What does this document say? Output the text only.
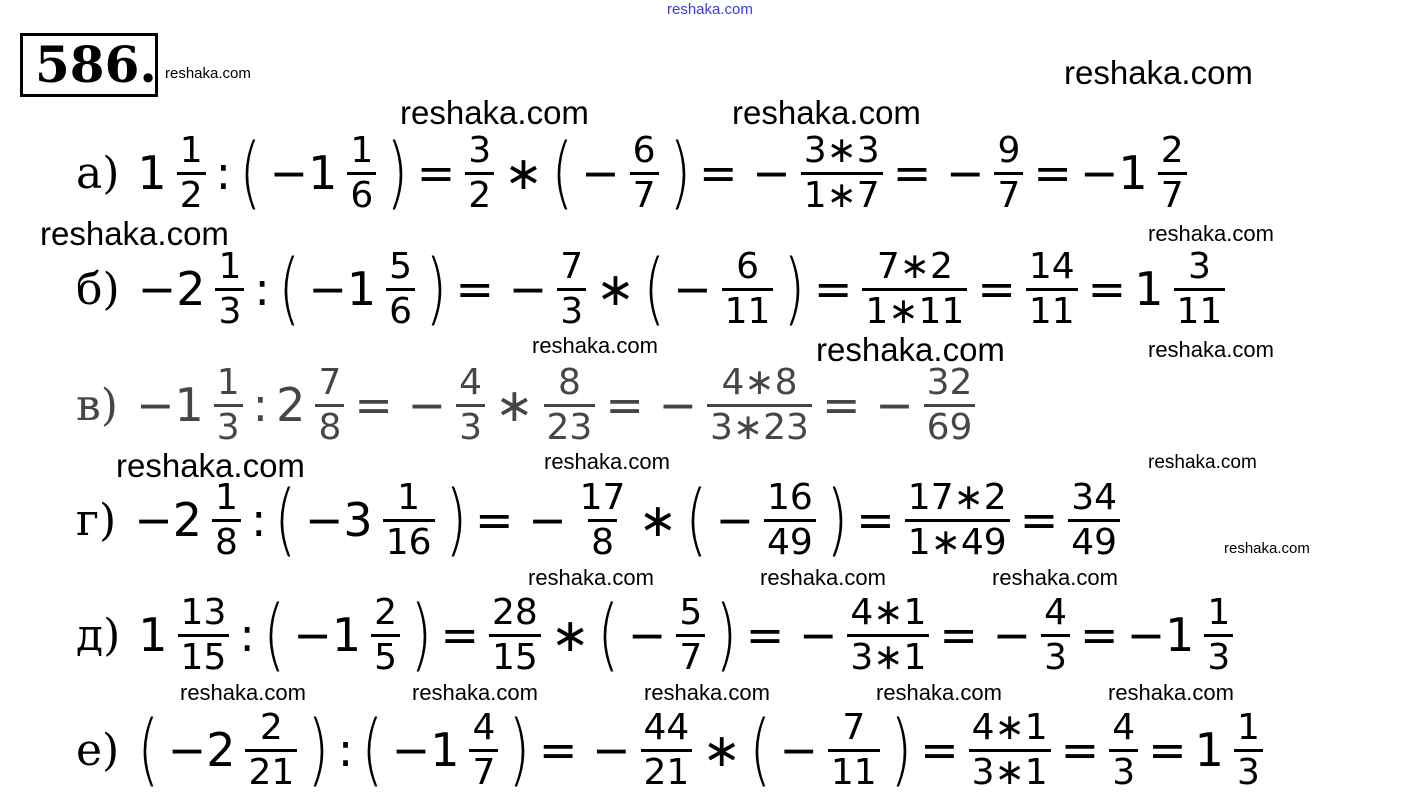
reshaka.com
586. reshaka.com	reshaka.com
reshaka.com	reshaka.com
reshaka.com	reshaka.com
reshaka.com	reshaka.com	reshaka.com
reshaka.com	reshaka.com	reshaka.com
reshaka.com
reshaka.com	reshaka.com	reshaka.com
reshaka.com	reshaka.com	reshaka.com	reshaka.com	reshaka.com
а) $1 \frac{1}{2}$ : ( $-1 \frac{1}{6}$ ) = $\frac{3}{2}$ ∗ ( − $\frac{6}{7}$ ) = − $\frac{3∗3}{1∗7}$ = − $\frac{9}{7} = -1 \frac{2}{7}$
$б) -2 \frac{1}{3}$ : ( $-1 \frac{5}{6}$ ) = − $\frac{7}{3}$ ∗ ( − $\frac{6}{11}$ ) = $\frac{7∗2}{1∗11} = \frac{14}{11} = 1 \frac{3}{11}$
$в) -1 \frac{1}{3}$ : $2 \frac{7}{8}$ = − $\frac{4}{3}$ ∗ $\frac{8}{23}$ = − $\frac{4∗8}{3∗23}$ = − $\frac{32}{69}$
$г) -2 \frac{1}{8}$ : ( $-3 \frac{1}{16}$ ) = − $\frac{17}{8}$ ∗ ( − $\frac{16}{49}$ ) = $\frac{17∗2}{1∗49} = \frac{34}{49}$
д) $1 \frac{13}{15}$ : ( $-1 \frac{2}{5}$ ) = $\frac{28}{15}$ ∗ ( − $\frac{5}{7}$ ) = − $\frac{4∗1}{3∗1}$ = − $\frac{4}{3} = -1 \frac{1}{3}$
е) ( $-2 \frac{2}{21}$ ) : ( $-1 \frac{4}{7}$ ) = − $\frac{44}{21}$ ∗ ( − $\frac{7}{11}$ ) = $\frac{4∗1}{3∗1} = \frac{4}{3} = 1 \frac{1}{3}$
